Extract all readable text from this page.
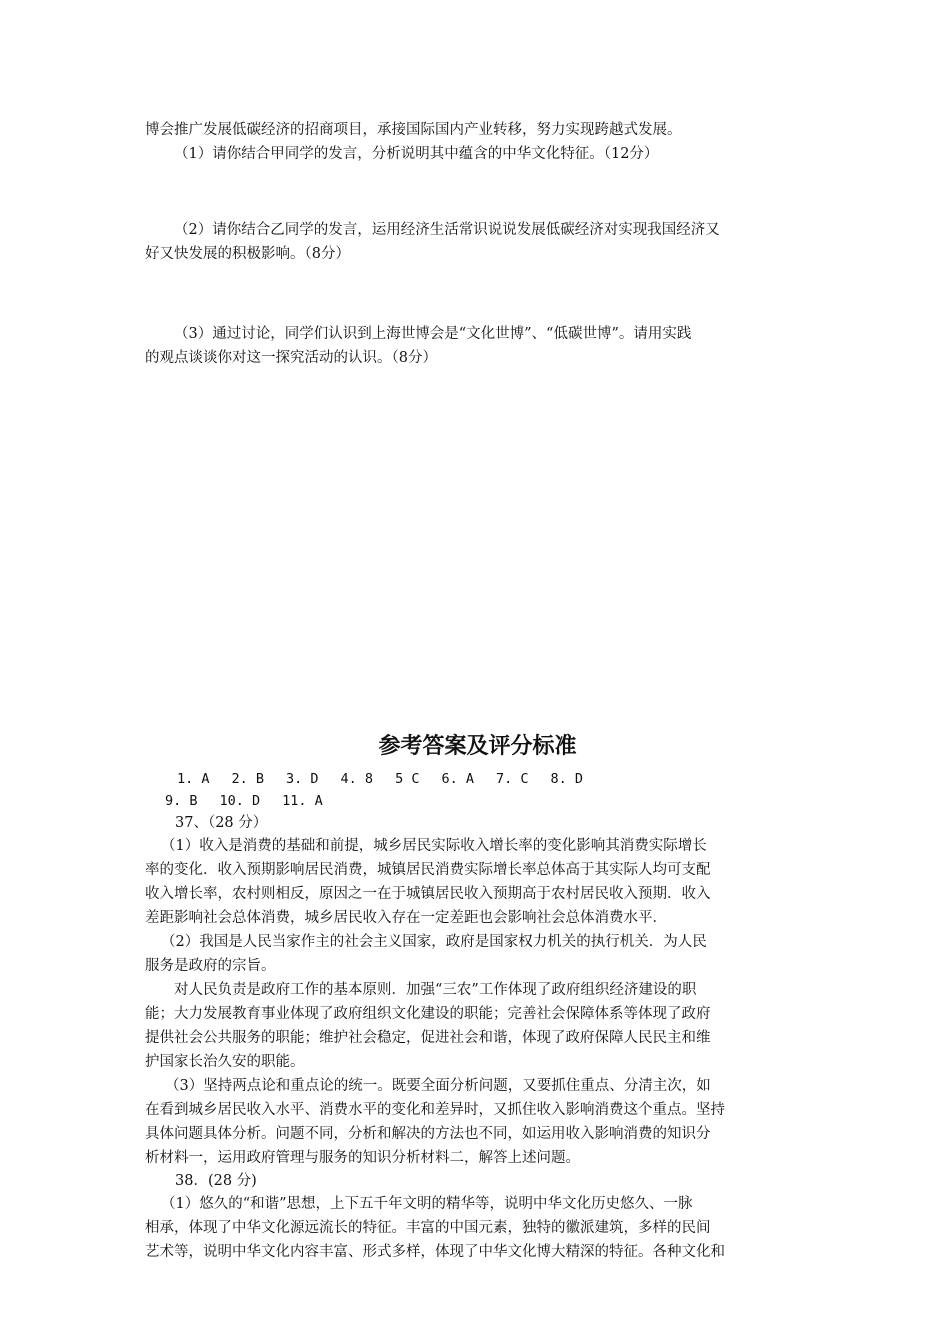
博会推广发展低碳经济的招商项目，承接国际国内产业转移，努力实现跨越式发展。

（1）请你结合甲同学的发言，分析说明其中蕴含的中华文化特征。（12分）

（2）请你结合乙同学的发言，运用经济生活常识说说发展低碳经济对实现我国经济又

好又快发展的积极影响。（8分）

（3）通过讨论，同学们认识到上海世博会是“文化世博”、“低碳世博”。请用实践

的观点谈谈你对这一探究活动的认识。（8分）

参考答案及评分标准
1. A 2. B 3. D 4. 8 5 C 6. A 7. C 8. D
9. B 10. D 11. A

37、（28 分）

（1）收入是消费的基础和前提，城乡居民实际收入增长率的变化影响其消费实际增长

率的变化．收入预期影响居民消费，城镇居民消费实际增长率总体高于其实际人均可支配

收入增长率，农村则相反，原因之一在于城镇居民收入预期高于农村居民收入预期．收入

差距影响社会总体消费，城乡居民收入存在一定差距也会影响社会总体消费水平．

（2）我国是人民当家作主的社会主义国家，政府是国家权力机关的执行机关．为人民

服务是政府的宗旨。

对人民负责是政府工作的基本原则．加强“三农”工作体现了政府组织经济建设的职

能；大力发展教育事业体现了政府组织文化建设的职能；完善社会保障体系等体现了政府

提供社会公共服务的职能；维护社会稳定，促进社会和谐，体现了政府保障人民民主和维

护国家长治久安的职能。

（3）坚持两点论和重点论的统一。既要全面分析问题，又要抓住重点、分清主次，如

在看到城乡居民收入水平、消费水平的变化和差异时，又抓住收入影响消费这个重点。坚持

具体问题具体分析。问题不同，分析和解决的方法也不同，如运用收入影响消费的知识分

析材料一，运用政府管理与服务的知识分析材料二，解答上述问题。

38．(28 分)

（1）悠久的“和谐”思想，上下五千年文明的精华等，说明中华文化历史悠久、一脉

相承，体现了中华文化源远流长的特征。丰富的中国元素，独特的徽派建筑，多样的民间

艺术等，说明中华文化内容丰富、形式多样，体现了中华文化博大精深的特征。各种文化和
